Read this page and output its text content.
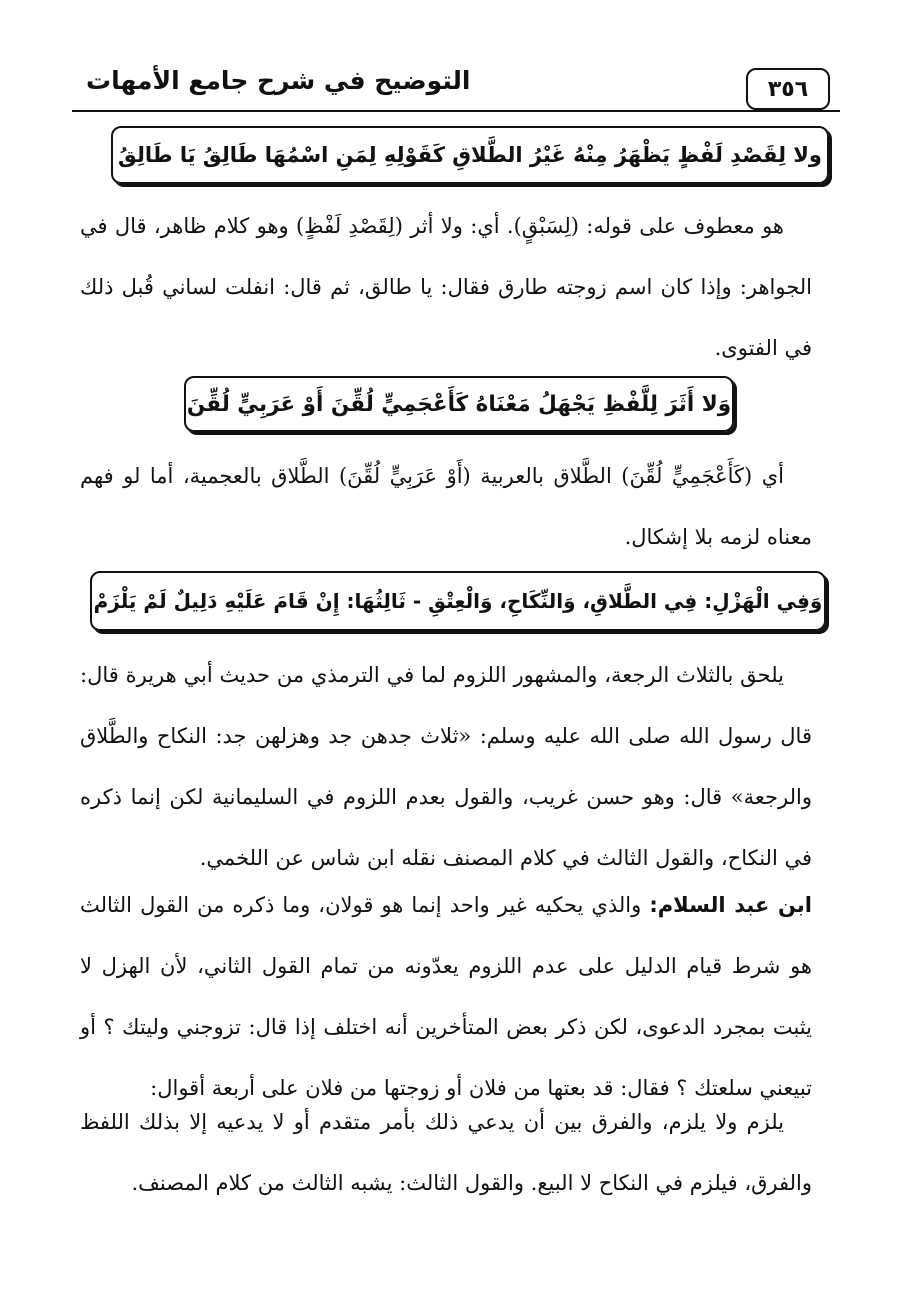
٣٥٦
التوضيح في شرح جامع الأمهات
ولا لِقَصْدِ لَفْظٍ يَظْهَرُ مِنْهُ غَيْرُ الطَّلاقِ كَقَوْلِهِ لِمَنِ اسْمُهَا طَالِقُ يَا طَالِقُ

هو معطوف على قوله: (لِسَبْقٍ). أي: ولا أثر (لِقَصْدِ لَفْظٍ) وهو كلام ظاهر، قال في الجواهر: وإذا كان اسم زوجته طارق فقال: يا طالق، ثم قال: انفلت لساني قُبل ذلك في الفتوى.

وَلا أَثَرَ لِلَّفْظِ يَجْهَلُ مَعْنَاهُ كَأَعْجَمِيٍّ لُقِّنَ أَوْ عَرَبِيٍّ لُقِّنَ

أي (كَأَعْجَمِيٍّ لُقِّنَ) الطَّلاق بالعربية (أَوْ عَرَبِيٍّ لُقِّنَ) الطَّلاق بالعجمية، أما لو فهم معناه لزمه بلا إشكال.

وَفِي الْهَزْلِ: فِي الطَّلاقِ، وَالنِّكَاحِ، وَالْعِتْقِ - ثَالِثُهَا: إِنْ قَامَ عَلَيْهِ دَلِيلٌ لَمْ يَلْزَمْ

يلحق بالثلاث الرجعة، والمشهور اللزوم لما في الترمذي من حديث أبي هريرة قال: قال رسول الله صلى الله عليه وسلم: «ثلاث جدهن جد وهزلهن جد: النكاح والطَّلاق والرجعة» قال: وهو حسن غريب، والقول بعدم اللزوم في السليمانية لكن إنما ذكره في النكاح، والقول الثالث في كلام المصنف نقله ابن شاس عن اللخمي.

ابن عبد السلام: والذي يحكيه غير واحد إنما هو قولان، وما ذكره من القول الثالث هو شرط قيام الدليل على عدم اللزوم يعدّونه من تمام القول الثاني، لأن الهزل لا يثبت بمجرد الدعوى، لكن ذكر بعض المتأخرين أنه اختلف إذا قال: تزوجني وليتك ؟ أو تبيعني سلعتك ؟ فقال: قد بعتها من فلان أو زوجتها من فلان على أربعة أقوال:

يلزم ولا يلزم، والفرق بين أن يدعي ذلك بأمر متقدم أو لا يدعيه إلا بذلك اللفظ والفرق، فيلزم في النكاح لا البيع. والقول الثالث: يشبه الثالث من كلام المصنف.
